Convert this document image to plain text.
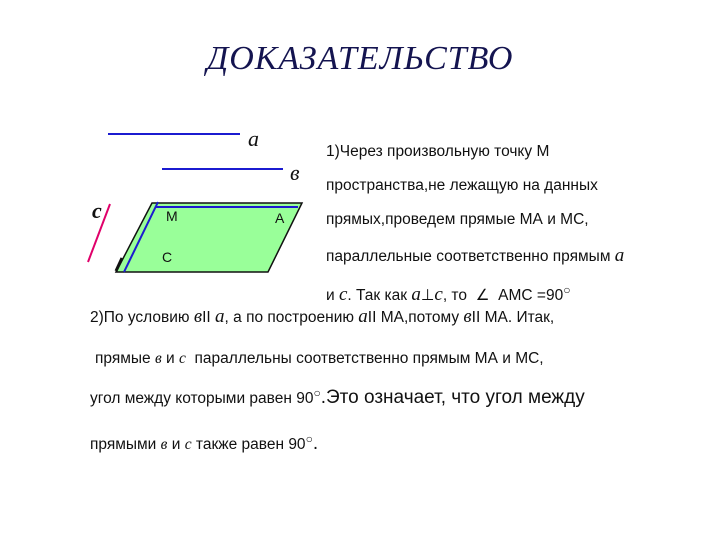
ДОКАЗАТЕЛЬСТВО
a
в
c	M	A
C
1)Через произвольную точку М
пространства,не лежащую на данных
прямых,проведем прямые МА и МС,
параллельные соответственно прямым a
и c. Так как a⊥c, то ∠ АМС =90○
2)По условию вII a, а по построению aII МА,потому вII МА. Итак,
прямые в и c параллельны соответственно прямым МА и МС,
угол между которыми равен 90○.Это означает, что угол между
прямыми в и c также равен 90○.
